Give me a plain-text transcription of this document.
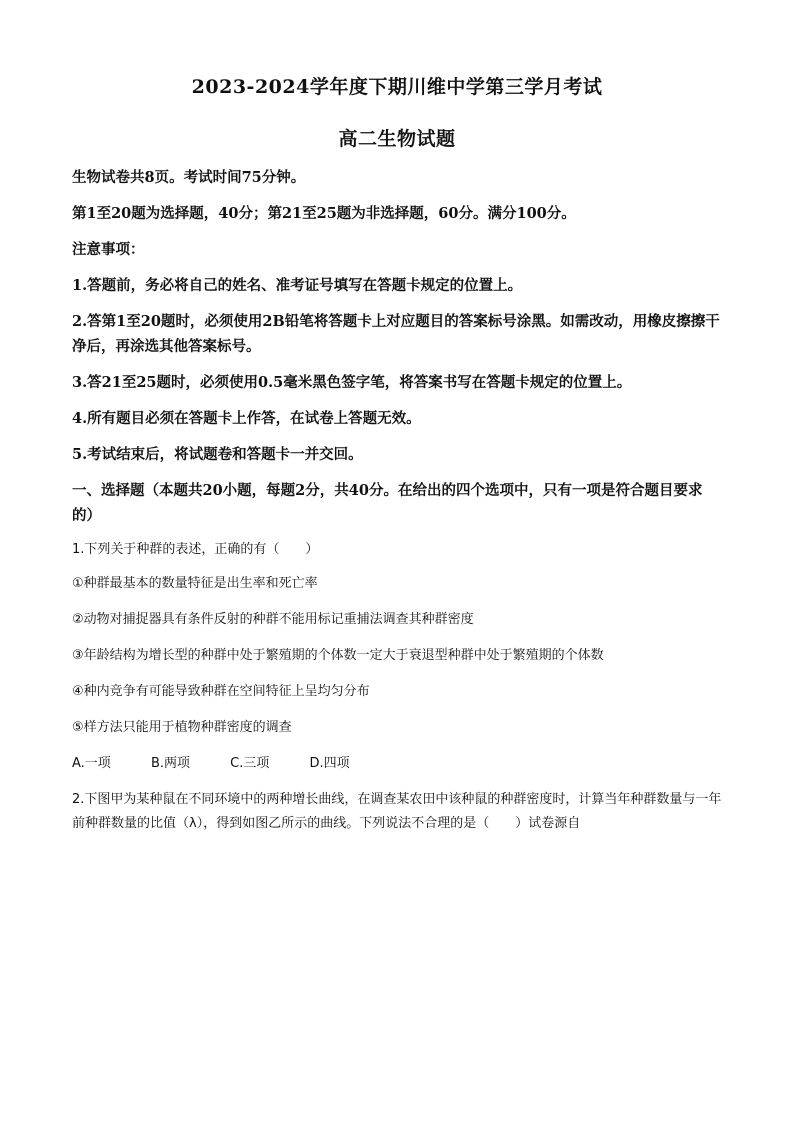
2023-2024学年度下期川维中学第三学月考试
高二生物试题
生物试卷共8页。考试时间75分钟。
第1至20题为选择题，40分；第21至25题为非选择题，60分。满分100分。
注意事项：
1.答题前，务必将自己的姓名、准考证号填写在答题卡规定的位置上。
2.答第1至20题时，必须使用2B铅笔将答题卡上对应题目的答案标号涂黑。如需改动，用橡皮擦擦干净后，再涂选其他答案标号。
3.答21至25题时，必须使用0.5毫米黑色签字笔，将答案书写在答题卡规定的位置上。
4.所有题目必须在答题卡上作答，在试卷上答题无效。
5.考试结束后，将试题卷和答题卡一并交回。
一、选择题（本题共20小题，每题2分，共40分。在给出的四个选项中，只有一项是符合题目要求的）
1.下列关于种群的表述，正确的有（　　）
①种群最基本的数量特征是出生率和死亡率
②动物对捕捉器具有条件反射的种群不能用标记重捕法调查其种群密度
③年龄结构为增长型的种群中处于繁殖期的个体数一定大于衰退型种群中处于繁殖期的个体数
④种内竞争有可能导致种群在空间特征上呈均匀分布
⑤样方法只能用于植物种群密度的调查
A.一项	B.两项	C.三项	D.四项
2.下图甲为某种鼠在不同环境中的两种增长曲线，在调查某农田中该种鼠的种群密度时，计算当年种群数量与一年前种群数量的比值（λ），得到如图乙所示的曲线。下列说法不合理的是（　　）试卷源自
